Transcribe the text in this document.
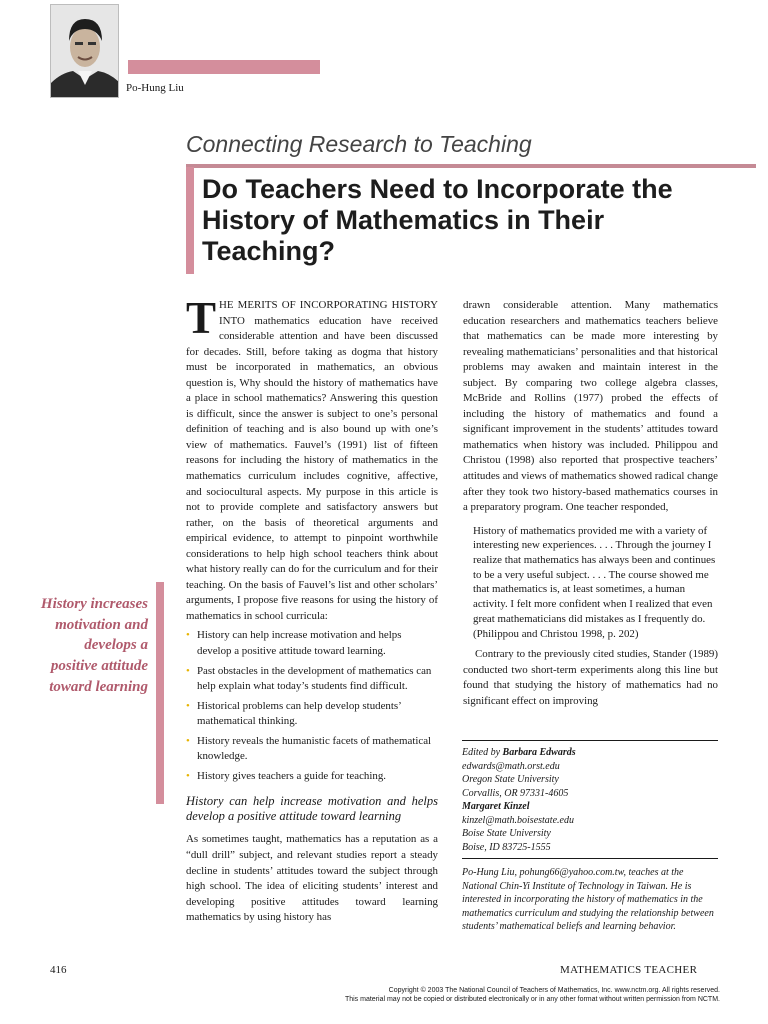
Po-Hung Liu
Connecting Research to Teaching
Do Teachers Need to Incorporate the History of Mathematics in Their Teaching?
History increases motivation and develops a positive attitude toward learning
THE MERITS OF INCORPORATING HISTORY INTO mathematics education have received considerable attention and have been discussed for decades. Still, before taking as dogma that history must be incorporated in mathematics, an obvious question is, Why should the history of mathematics have a place in school mathematics? Answering this question is difficult, since the answer is subject to one’s personal definition of teaching and is also bound up with one’s view of mathematics. Fauvel’s (1991) list of fifteen reasons for including the history of mathematics in the mathematics curriculum includes cognitive, affective, and sociocultural aspects. My purpose in this article is not to provide complete and satisfactory answers but rather, on the basis of theoretical arguments and empirical evidence, to attempt to pinpoint worthwhile considerations to help high school teachers think about what history really can do for the curriculum and for their teaching. On the basis of Fauvel’s list and other scholars’ arguments, I propose five reasons for using the history of mathematics in school curricula:
• History can help increase motivation and helps develop a positive attitude toward learning.
• Past obstacles in the development of mathematics can help explain what today’s students find difficult.
• Historical problems can help develop students’ mathematical thinking.
• History reveals the humanistic facets of mathematical knowledge.
• History gives teachers a guide for teaching.
History can help increase motivation and helps develop a positive attitude toward learning
As sometimes taught, mathematics has a reputation as a “dull drill” subject, and relevant studies report a steady decline in students’ attitudes toward the subject through high school. The idea of eliciting students’ interest and developing positive attitudes toward learning mathematics by using history has
drawn considerable attention. Many mathematics education researchers and mathematics teachers believe that mathematics can be made more interesting by revealing mathematicians’ personalities and that historical problems may awaken and maintain interest in the subject. By comparing two college algebra classes, McBride and Rollins (1977) probed the effects of including the history of mathematics and found a significant improvement in the students’ attitudes toward mathematics when history was included. Philippou and Christou (1998) also reported that prospective teachers’ attitudes and views of mathematics showed radical change after they took two history-based mathematics courses in a preparatory program. One teacher responded,
History of mathematics provided me with a variety of interesting new experiences. . . . Through the journey I realize that mathematics has always been and continues to be a very useful subject. . . . The course showed me that mathematics is, at least sometimes, a human activity. I felt more confident when I realized that even great mathematicians did mistakes as I frequently do. (Philippou and Christou 1998, p. 202)
Contrary to the previously cited studies, Stander (1989) conducted two short-term experiments along this line but found that studying the history of mathematics had no significant effect on improving
Edited by Barbara Edwards
edwards@math.orst.edu
Oregon State University
Corvallis, OR 97331-4605
Margaret Kinzel
kinzel@math.boisestate.edu
Boise State University
Boise, ID 83725-1555
Po-Hung Liu, pohung66@yahoo.com.tw, teaches at the National Chin-Yi Institute of Technology in Taiwan. He is interested in incorporating the history of mathematics in the mathematics curriculum and studying the relationship between students’ mathematical beliefs and learning behavior.
416	MATHEMATICS TEACHER
Copyright © 2003 The National Council of Teachers of Mathematics, Inc. www.nctm.org. All rights reserved.
This material may not be copied or distributed electronically or in any other format without written permission from NCTM.
